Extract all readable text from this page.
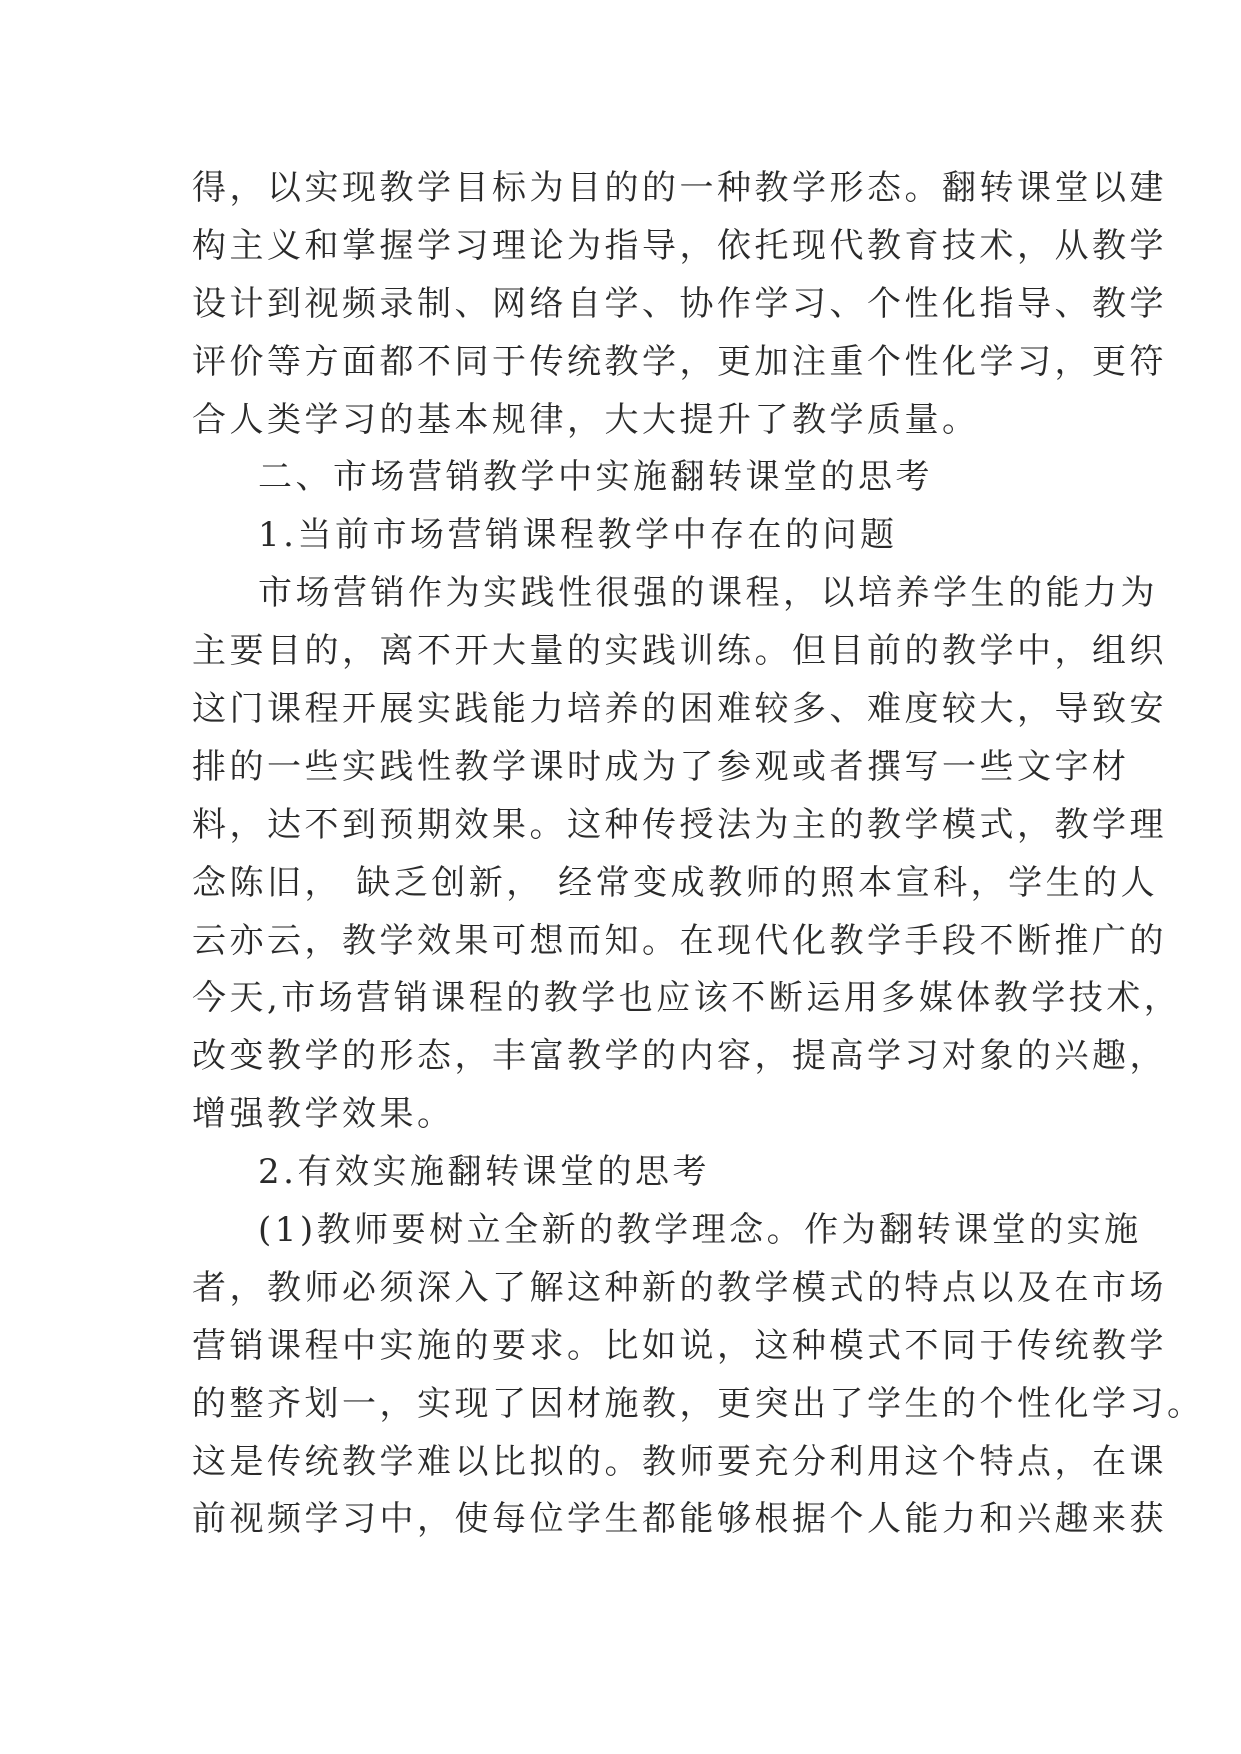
得，以实现教学目标为目的的一种教学形态。翻转课堂以建
构主义和掌握学习理论为指导，依托现代教育技术，从教学
设计到视频录制、网络自学、协作学习、个性化指导、教学
评价等方面都不同于传统教学，更加注重个性化学习，更符
合人类学习的基本规律，大大提升了教学质量。
二、市场营销教学中实施翻转课堂的思考
1.当前市场营销课程教学中存在的问题
市场营销作为实践性很强的课程，以培养学生的能力为
主要目的，离不开大量的实践训练。但目前的教学中，组织
这门课程开展实践能力培养的困难较多、难度较大，导致安
排的一些实践性教学课时成为了参观或者撰写一些文字材
料，达不到预期效果。这种传授法为主的教学模式，教学理
念陈旧， 缺乏创新， 经常变成教师的照本宣科，学生的人
云亦云，教学效果可想而知。在现代化教学手段不断推广的
今天,市场营销课程的教学也应该不断运用多媒体教学技术，
改变教学的形态，丰富教学的内容，提高学习对象的兴趣，
增强教学效果。
2.有效实施翻转课堂的思考
(1)教师要树立全新的教学理念。作为翻转课堂的实施
者，教师必须深入了解这种新的教学模式的特点以及在市场
营销课程中实施的要求。比如说，这种模式不同于传统教学
的整齐划一，实现了因材施教，更突出了学生的个性化学习。
这是传统教学难以比拟的。教师要充分利用这个特点，在课
前视频学习中，使每位学生都能够根据个人能力和兴趣来获
